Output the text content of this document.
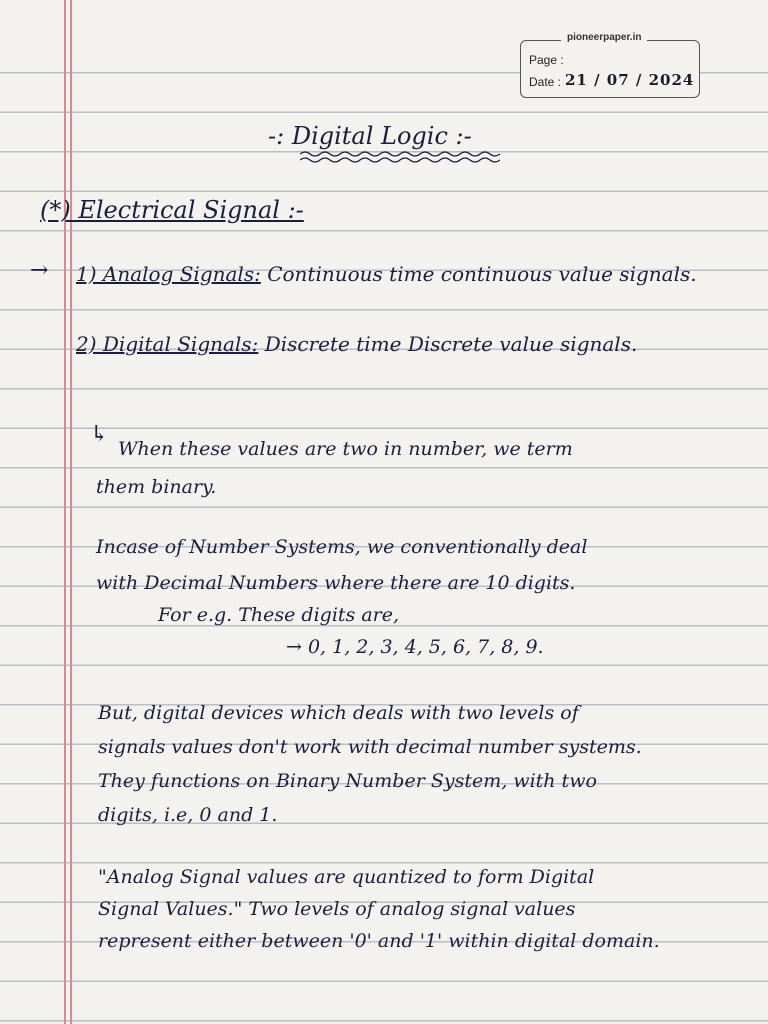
pioneerpaper.in
Page :
Date : 21 / 07 / 2024
-: Digital Logic :-
(*) Electrical Signal :-
→ 1) Analog Signals: Continuous time continuous value signals.
2) Digital Signals: Discrete time Discrete value signals.
↳
When these values are two in number, we term
them binary.
Incase of Number Systems, we conventionally deal
with Decimal Numbers where there are 10 digits.
For e.g. These digits are,
→ 0, 1, 2, 3, 4, 5, 6, 7, 8, 9.
But, digital devices which deals with two levels of
signals values don't work with decimal number systems.
They functions on Binary Number System, with two
digits, i.e, 0 and 1.
"Analog Signal values are quantized to form Digital
Signal Values." Two levels of analog signal values
represent either between '0' and '1' within digital domain.
